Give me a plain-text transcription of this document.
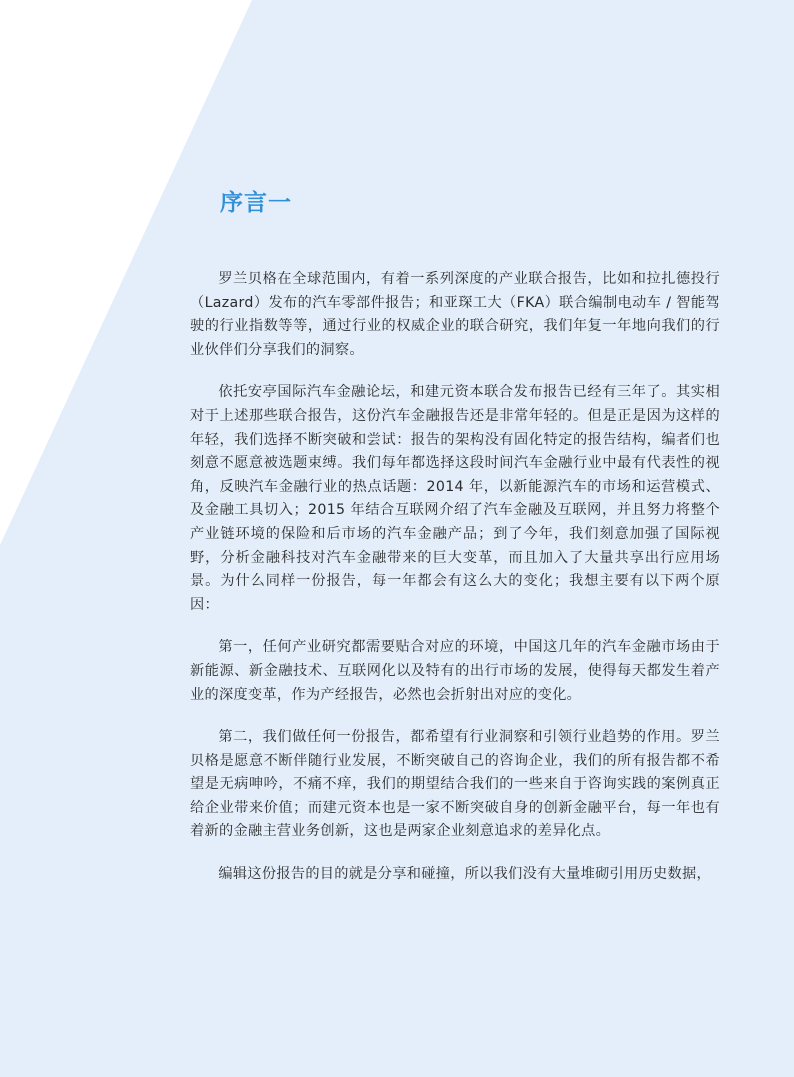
序言一

罗兰贝格在全球范围内，有着一系列深度的产业联合报告，比如和拉扎德投行（Lazard）发布的汽车零部件报告；和亚琛工大（FKA）联合编制电动车 / 智能驾驶的行业指数等等，通过行业的权威企业的联合研究，我们年复一年地向我们的行业伙伴们分享我们的洞察。

依托安亭国际汽车金融论坛，和建元资本联合发布报告已经有三年了。其实相对于上述那些联合报告，这份汽车金融报告还是非常年轻的。但是正是因为这样的年轻，我们选择不断突破和尝试：报告的架构没有固化特定的报告结构，编者们也刻意不愿意被选题束缚。我们每年都选择这段时间汽车金融行业中最有代表性的视角，反映汽车金融行业的热点话题：2014 年，以新能源汽车的市场和运营模式、及金融工具切入；2015 年结合互联网介绍了汽车金融及互联网，并且努力将整个产业链环境的保险和后市场的汽车金融产品；到了今年，我们刻意加强了国际视野，分析金融科技对汽车金融带来的巨大变革，而且加入了大量共享出行应用场景。为什么同样一份报告，每一年都会有这么大的变化；我想主要有以下两个原因：

第一，任何产业研究都需要贴合对应的环境，中国这几年的汽车金融市场由于新能源、新金融技术、互联网化以及特有的出行市场的发展，使得每天都发生着产业的深度变革，作为产经报告，必然也会折射出对应的变化。

第二，我们做任何一份报告，都希望有行业洞察和引领行业趋势的作用。罗兰贝格是愿意不断伴随行业发展，不断突破自己的咨询企业，我们的所有报告都不希望是无病呻吟，不痛不痒，我们的期望结合我们的一些来自于咨询实践的案例真正给企业带来价值；而建元资本也是一家不断突破自身的创新金融平台，每一年也有着新的金融主营业务创新，这也是两家企业刻意追求的差异化点。

编辑这份报告的目的就是分享和碰撞，所以我们没有大量堆砌引用历史数据，
